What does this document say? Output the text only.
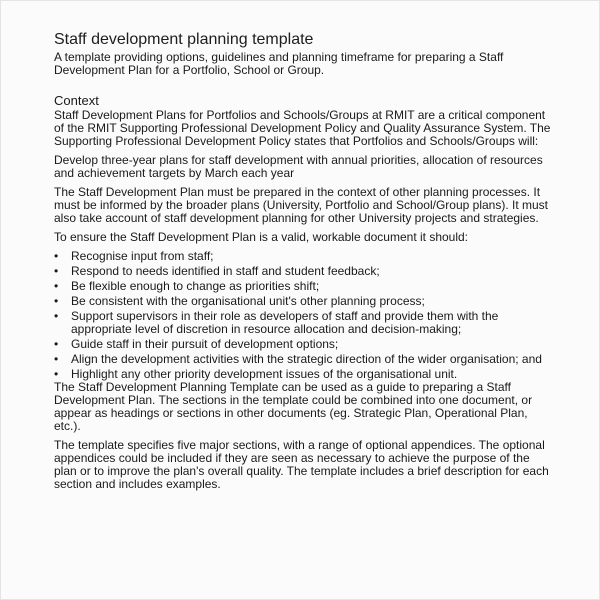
Staff development planning template

A template providing options, guidelines and planning timeframe for preparing a Staff Development Plan for a Portfolio, School or Group.

Context

Staff Development Plans for Portfolios and Schools/Groups at RMIT are a critical component of the RMIT Supporting Professional Development Policy and Quality Assurance System. The Supporting Professional Development Policy states that Portfolios and Schools/Groups will:

Develop three-year plans for staff development with annual priorities, allocation of resources and achievement targets by March each year

The Staff Development Plan must be prepared in the context of other planning processes. It must be informed by the broader plans (University, Portfolio and School/Group plans). It must also take account of staff development planning for other University projects and strategies.

To ensure the Staff Development Plan is a valid, workable document it should:

•	Recognise input from staff;
•	Respond to needs identified in staff and student feedback;
•	Be flexible enough to change as priorities shift;
•	Be consistent with the organisational unit's other planning process;
•	Support supervisors in their role as developers of staff and provide them with the appropriate level of discretion in resource allocation and decision-making;
•	Guide staff in their pursuit of development options;
•	Align the development activities with the strategic direction of the wider organisation; and
•	Highlight any other priority development issues of the organisational unit.

The Staff Development Planning Template can be used as a guide to preparing a Staff Development Plan. The sections in the template could be combined into one document, or appear as headings or sections in other documents (eg. Strategic Plan, Operational Plan, etc.).

The template specifies five major sections, with a range of optional appendices. The optional appendices could be included if they are seen as necessary to achieve the purpose of the plan or to improve the plan's overall quality. The template includes a brief description for each section and includes examples.
